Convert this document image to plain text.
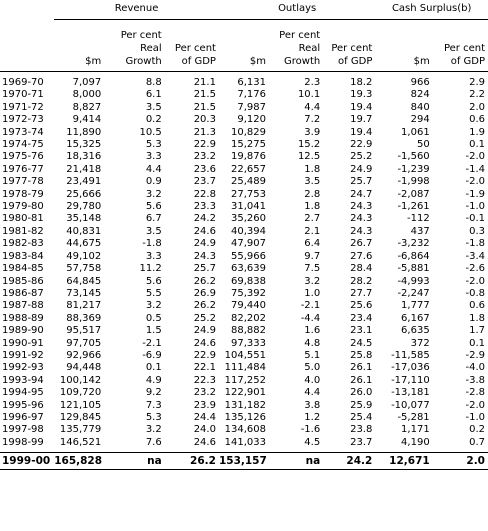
	Revenue			Outlays			Cash Surplus(b)	
	$m	Per cent Real Growth	Per cent of GDP	$m	Per cent Real Growth	Per cent of GDP	$m	Per cent of GDP
1969-70	7,097	8.8	21.1	6,131	2.3	18.2	966	2.9
1970-71	8,000	6.1	21.5	7,176	10.1	19.3	824	2.2
1971-72	8,827	3.5	21.5	7,987	4.4	19.4	840	2.0
1972-73	9,414	0.2	20.3	9,120	7.2	19.7	294	0.6
1973-74	11,890	10.5	21.3	10,829	3.9	19.4	1,061	1.9
1974-75	15,325	5.3	22.9	15,275	15.2	22.9	50	0.1
1975-76	18,316	3.3	23.2	19,876	12.5	25.2	-1,560	-2.0
1976-77	21,418	4.4	23.6	22,657	1.8	24.9	-1,239	-1.4
1977-78	23,491	0.9	23.7	25,489	3.5	25.7	-1,998	-2.0
1978-79	25,666	3.2	22.8	27,753	2.8	24.7	-2,087	-1.9
1979-80	29,780	5.6	23.3	31,041	1.8	24.3	-1,261	-1.0
1980-81	35,148	6.7	24.2	35,260	2.7	24.3	-112	-0.1
1981-82	40,831	3.5	24.6	40,394	2.1	24.3	437	0.3
1982-83	44,675	-1.8	24.9	47,907	6.4	26.7	-3,232	-1.8
1983-84	49,102	3.3	24.3	55,966	9.7	27.6	-6,864	-3.4
1984-85	57,758	11.2	25.7	63,639	7.5	28.4	-5,881	-2.6
1985-86	64,845	5.6	26.2	69,838	3.2	28.2	-4,993	-2.0
1986-87	73,145	5.5	26.9	75,392	1.0	27.7	-2,247	-0.8
1987-88	81,217	3.2	26.2	79,440	-2.1	25.6	1,777	0.6
1988-89	88,369	0.5	25.2	82,202	-4.4	23.4	6,167	1.8
1989-90	95,517	1.5	24.9	88,882	1.6	23.1	6,635	1.7
1990-91	97,705	-2.1	24.6	97,333	4.8	24.5	372	0.1
1991-92	92,966	-6.9	22.9	104,551	5.1	25.8	-11,585	-2.9
1992-93	94,448	0.1	22.1	111,484	5.0	26.1	-17,036	-4.0
1993-94	100,142	4.9	22.3	117,252	4.0	26.1	-17,110	-3.8
1994-95	109,720	9.2	23.2	122,901	4.4	26.0	-13,181	-2.8
1995-96	121,105	7.3	23.9	131,182	3.8	25.9	-10,077	-2.0
1996-97	129,845	5.3	24.4	135,126	1.2	25.4	-5,281	-1.0
1997-98	135,779	3.2	24.0	134,608	-1.6	23.8	1,171	0.2
1998-99	146,521	7.6	24.6	141,033	4.5	23.7	4,190	0.7
1999-00	165,828	na	26.2	153,157	na	24.2	12,671	2.0
